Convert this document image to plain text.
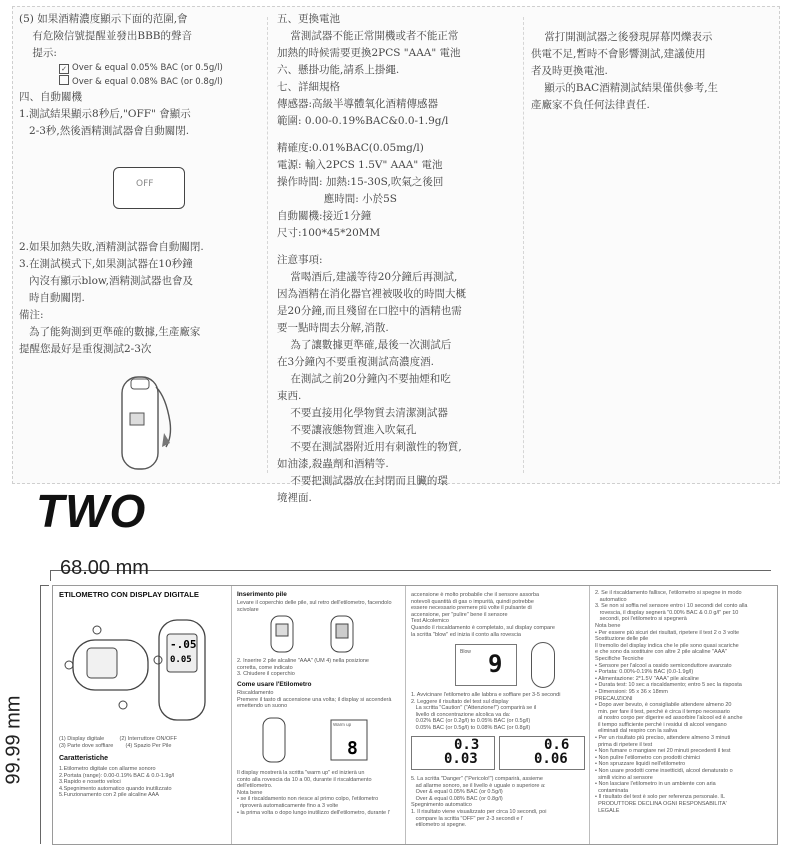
(5) 如果酒精濃度顯示下面的范圍,會
有危險信號提醒並發出BBB的聲音
提示:

✓ Over & equal 0.05% BAC (or 0.5g/l)
Over & equal 0.08% BAC (or 0.8g/l)

四、自動關機
1.測試結果顯示8秒后,"OFF" 會顯示
2-3秒,然後酒精測試器會自動關閉.

OFF

2.如果加熱失敗,酒精測試器會自動關閉.
3.在測試模式下,如果測試器在10秒鐘
內沒有顯示blow,酒精測試器也會及
時自動關閉.
備注:
為了能夠測到更準確的數據,生產廠家
提醒您最好是重復測試2-3次

五、更換電池
當測試器不能正常開機或者不能正常
加熱的時候需要更換2PCS "AAA" 電池
六、懸掛功能,請系上掛繩.
七、詳細規格
傳感器:高級半導體氧化酒精傳感器
範圍: 0.00-0.19%BAC&0.0-1.9g/l

精確度:0.01%BAC(0.05mg/l)
電源: 輸入2PCS 1.5V" AAA" 電池
操作時間: 加熱:15-30S,吹氣之後回
應時間: 小於5S
自動關機:接近1分鐘
尺寸:100*45*20MM

注意事項:
當喝酒后,建議等待20分鐘后再測試,
因為酒精在消化器官裡被吸收的時間大概
是20分鐘,而且殘留在口腔中的酒精也需
要一點時間去分解,消散.
為了讓數據更準確,最後一次測試后
在3分鐘內不要重複測試高濃度酒.
在測試之前20分鐘內不要抽煙和吃
東西.
不要直接用化學物質去清潔測試器
不要讓液態物質進入吹氣孔
不要在測試器附近用有刺激性的物質,
如油漆,殺蟲劑和酒精等.
不要把測試器放在封閉而且臟的環
境裡面.

當打開測試器之後發現屏幕閃爍表示
供電不足,暫時不會影響測試,建議使用
者及時更換電池.
顯示的BAC酒精測試結果僅供參考,生
產廠家不負任何法律責任.

TWO
68.00 mm
99.99 mm
ETILOMETRO CON DISPLAY DIGITALE
-.05
0.05
(1) Display digitale          (2) Interruttore ON/OFF
(3) Parte dove soffiare        (4) Spazio Per Pile
Caratteristiche
1.Etilometro digitale con allarme sonoro
2.Portata (range): 0.00-0.19% BAC & 0.0-1.9g/l
3.Rapido e nosetto veloci
4.Spegnimento automatico quando inutilizzato
5.Funzionamento con 2 pile alcaline AAA
Inserimento pile
Levare il coperchio delle pile, sul retro dell'etilometro, facendolo
scivolare
2. Inserire 2 pile alcaline "AAA" (UM 4) nella posizione
corretta, come indicato
3. Chiudere il coperchio
Come usare l'Etilometro
Riscaldamento
Premere il tasto di accensione una volta; il display si accenderà
emettendo un suono
8
Warm up
Il display mostrerà la scritta "warm up" ed inizierà un
conto alla rovescia da 10 a 00, durante il riscaldamento
dell'etilometro.
Nota bene
• se il riscaldamento non riesce al primo colpo, l'etilometro
riproverà automaticamente fino a 3 volte
• la prima volta o dopo lungo inutilizzo dell'etilometro, durante l'
accensione è molto probabile che il sensore assorba
notevoli quantità di gas o impurità, quindi potrebbe
essere necessario premere più volte il pulsante di
accensione, per "pulire" bene il sensore
Test Alcolemico
Quando il riscaldamento è completato, sul display compare
la scritta "blow" ed inizia il conto alla rovescia
Blow 9
1. Avvicinare l'etilometro alle labbra e soffiare per 3-5 secondi
2. Leggere il risultato del test sul display
La scritta "Caution" ("Attenzione!") comparirà se il
livello di concentrazione alcolica va da:
0.02% BAC (or 0.2g/l) to 0.05% BAC (or 0.5g/l)
0.05% BAC (or 0.5g/l) to 0.08% BAC (or 0.8g/l)
0.3
0.03
0.6
0.06
5. La scritta "Danger" ("Pericolo!") comparirà, assieme
ad allarme sonoro, se il livello è uguale o superiore a:
Over & equal 0.05% BAC (or 0.5g/l)
Over & equal 0.08% BAC (or 0.8g/l)
Spegnimento automatico
1. Il risultato viene visualizzato per circa 10 secondi, poi
compare la scritta "OFF" per 2-3 secondi e l'
etilometro si spegne.
2. Se il riscaldamento fallisce, l'etilometro si spegne in modo
automatico
3. Se non si soffia nel sensore entro i 10 secondi del conto alla
rovescia, il display segnerà "0.00% BAC & 0.0 g/l" per 10
secondi, poi l'etilometro si spegnerà
Nota bene
• Per essere più sicuri dei risultati, ripetere il test 2 o 3 volte
Sostituzione delle pile
Il tremolio del display indica che le pile sono quasi scariche
e che sono da sostituire con altre 2 pile alcaline "AAA"
Specifiche Tecniche
• Sensore per l'alcool a ossido semiconduttore avanzato
• Portata: 0.00%-0.19% BAC (0.0-1.9g/l)
• Alimentazione: 2*1.5V "AAA" pile alcaline
• Durata test: 10 sec a riscaldamento; entro 5 sec la risposta
• Dimensioni: 95 x 36 x 18mm
PRECAUZIONI
• Dopo aver bevuto, è consigliabile attendere almeno 20
min. per fare il test, perché è circa il tempo necessario
al nostro corpo per digerire ed assorbire l'alcool ed è anche
il tempo sufficiente perché i residui di alcool vengano
eliminati dal respiro con la saliva
• Per un risultato più preciso, attendere almeno 3 minuti
prima di ripetere il test
• Non fumare o mangiare nei 20 minuti precedenti il test
• Non pulire l'etilometro con prodotti chimici
• Non spruzzare liquidi nell'etilometro
• Non usare prodotti come insetticidi, alcool denaturato o
simili vicino al sensore
• Non lasciare l'etilometro in un ambiente con aria
contaminata
• Il risultato del test è solo per referenza personale. IL
PRODUTTORE DECLINA OGNI RESPONSABILITA'
LEGALE
